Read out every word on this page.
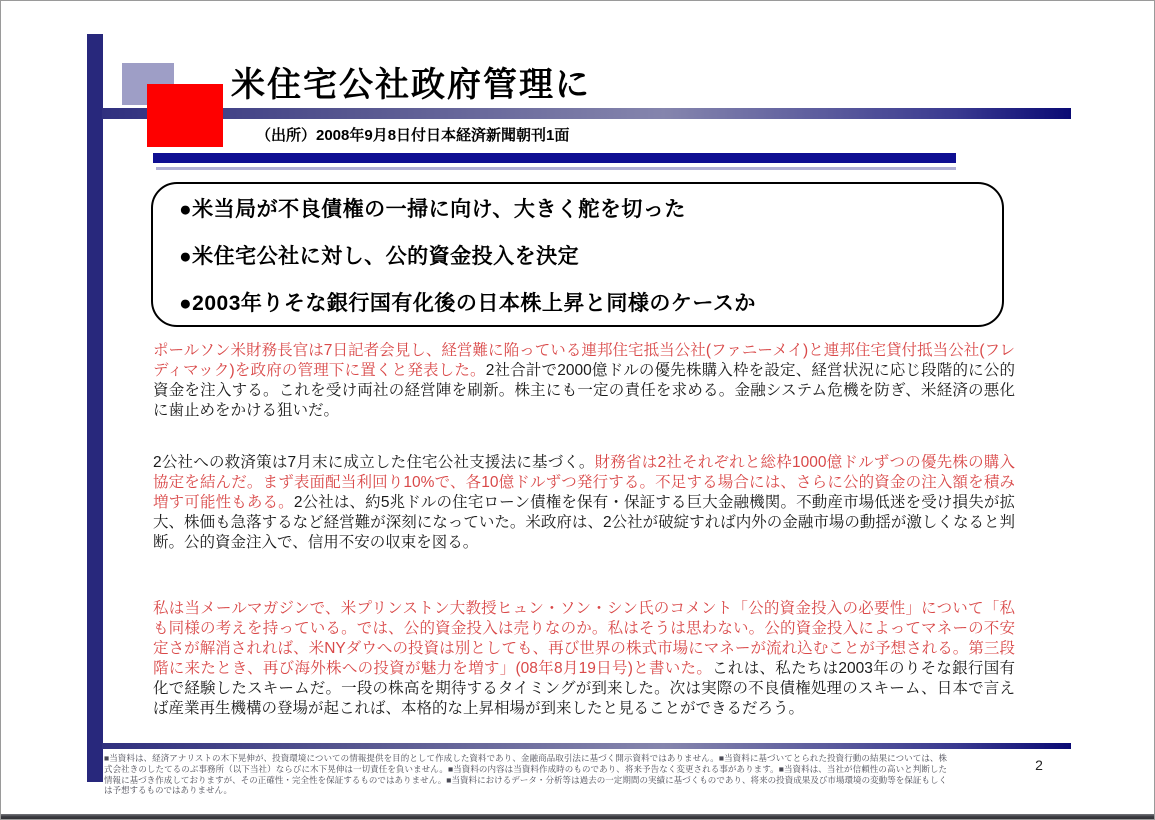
米住宅公社政府管理に
（出所）2008年9月8日付日本経済新聞朝刊1面
●米当局が不良債権の一掃に向け、大きく舵を切った
●米住宅公社に対し、公的資金投入を決定
●2003年りそな銀行国有化後の日本株上昇と同様のケースか
ポールソン米財務長官は7日記者会見し、経営難に陥っている連邦住宅抵当公社(ファニーメイ)と連邦住宅貸付抵当公社(フレディマック)を政府の管理下に置くと発表した。2社合計で2000億ドルの優先株購入枠を設定、経営状況に応じ段階的に公的資金を注入する。これを受け両社の経営陣を刷新。株主にも一定の責任を求める。金融システム危機を防ぎ、米経済の悪化に歯止めをかける狙いだ。
2公社への救済策は7月末に成立した住宅公社支援法に基づく。財務省は2社それぞれと総枠1000億ドルずつの優先株の購入協定を結んだ。まず表面配当利回り10%で、各10億ドルずつ発行する。不足する場合には、さらに公的資金の注入額を積み増す可能性もある。2公社は、約5兆ドルの住宅ローン債権を保有・保証する巨大金融機関。不動産市場低迷を受け損失が拡大、株価も急落するなど経営難が深刻になっていた。米政府は、2公社が破綻すれば内外の金融市場の動揺が激しくなると判断。公的資金注入で、信用不安の収束を図る。
私は当メールマガジンで、米プリンストン大教授ヒュン・ソン・シン氏のコメント「公的資金投入の必要性」について「私も同様の考えを持っている。では、公的資金投入は売りなのか。私はそうは思わない。公的資金投入によってマネーの不安定さが解消されれば、米NYダウへの投資は別としても、再び世界の株式市場にマネーが流れ込むことが予想される。第三段階に来たとき、再び海外株への投資が魅力を増す」(08年8月19日号)と書いた。これは、私たちは2003年のりそな銀行国有化で経験したスキームだ。一段の株高を期待するタイミングが到来した。次は実際の不良債権処理のスキーム、日本で言えば産業再生機構の登場が起これば、本格的な上昇相場が到来したと見ることができるだろう。
■当資料は、経済アナリストの木下晃伸が、投資環境についての情報提供を目的として作成した資料であり、金融商品取引法に基づく開示資料ではありません。■当資料に基づいてとられた投資行動の結果については、株式会社きのしたてるのぶ事務所（以下当社）ならびに木下晃伸は一切責任を負いません。■当資料の内容は当資料作成時のものであり、将来予告なく変更される事があります。■当資料は、当社が信頼性の高いと判断した情報に基づき作成しておりますが、その正確性・完全性を保証するものではありません。■当資料におけるデータ・分析等は過去の一定期間の実績に基づくものであり、将来の投資成果及び市場環境の変動等を保証もしくは予想するものではありません。
2
